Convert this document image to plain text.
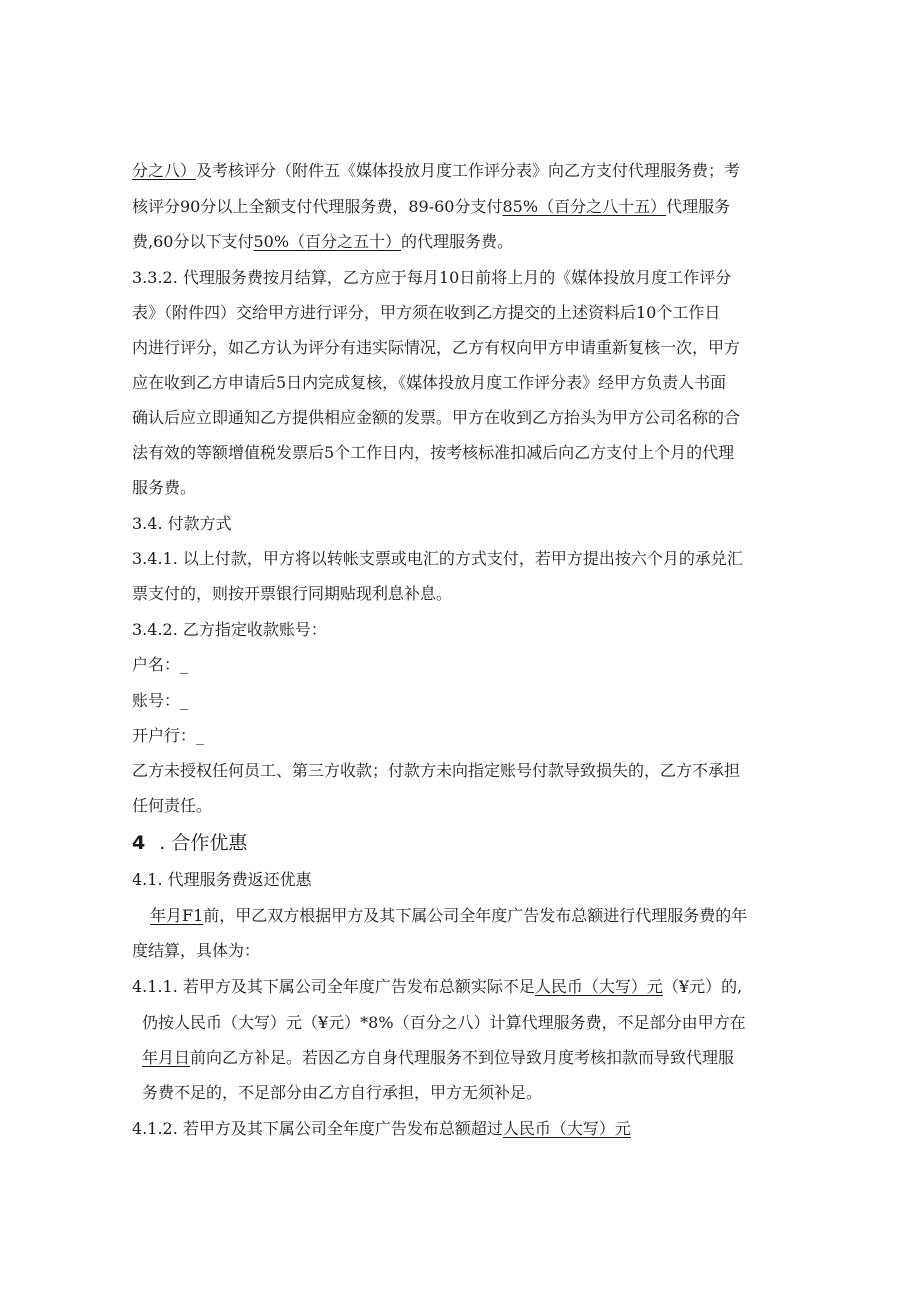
分之八）及考核评分（附件五《媒体投放月度工作评分表》向乙方支付代理服务费；考
核评分90分以上全额支付代理服务费，89-60分支付85%（百分之八十五）代理服务
费,60分以下支付50%（百分之五十）的代理服务费。
3.3.2. 代理服务费按月结算，乙方应于每月10日前将上月的《媒体投放月度工作评分
表》（附件四）交给甲方进行评分，甲方须在收到乙方提交的上述资料后10个工作日
内进行评分，如乙方认为评分有违实际情况，乙方有权向甲方申请重新复核一次，甲方
应在收到乙方申请后5日内完成复核，《媒体投放月度工作评分表》经甲方负责人书面
确认后应立即通知乙方提供相应金额的发票。甲方在收到乙方抬头为甲方公司名称的合
法有效的等额增值税发票后5个工作日内，按考核标准扣减后向乙方支付上个月的代理
服务费。
3.4. 付款方式
3.4.1. 以上付款，甲方将以转帐支票或电汇的方式支付，若甲方提出按六个月的承兑汇
票支付的，则按开票银行同期贴现利息补息。
3.4.2. 乙方指定收款账号：
户名：_
账号：_
开户行：_
乙方未授权任何员工、第三方收款；付款方未向指定账号付款导致损失的，乙方不承担
任何责任。
4 . 合作优惠
4.1. 代理服务费返还优惠
年月F1前，甲乙双方根据甲方及其下属公司全年度广告发布总额进行代理服务费的年
度结算，具体为：
4.1.1. 若甲方及其下属公司全年度广告发布总额实际不足人民币（大写）元（¥元）的,
仍按人民币（大写）元（¥元）*8%（百分之八）计算代理服务费，不足部分由甲方在
年月日前向乙方补足。若因乙方自身代理服务不到位导致月度考核扣款而导致代理服
务费不足的，不足部分由乙方自行承担，甲方无须补足。
4.1.2. 若甲方及其下属公司全年度广告发布总额超过人民币（大写）元
